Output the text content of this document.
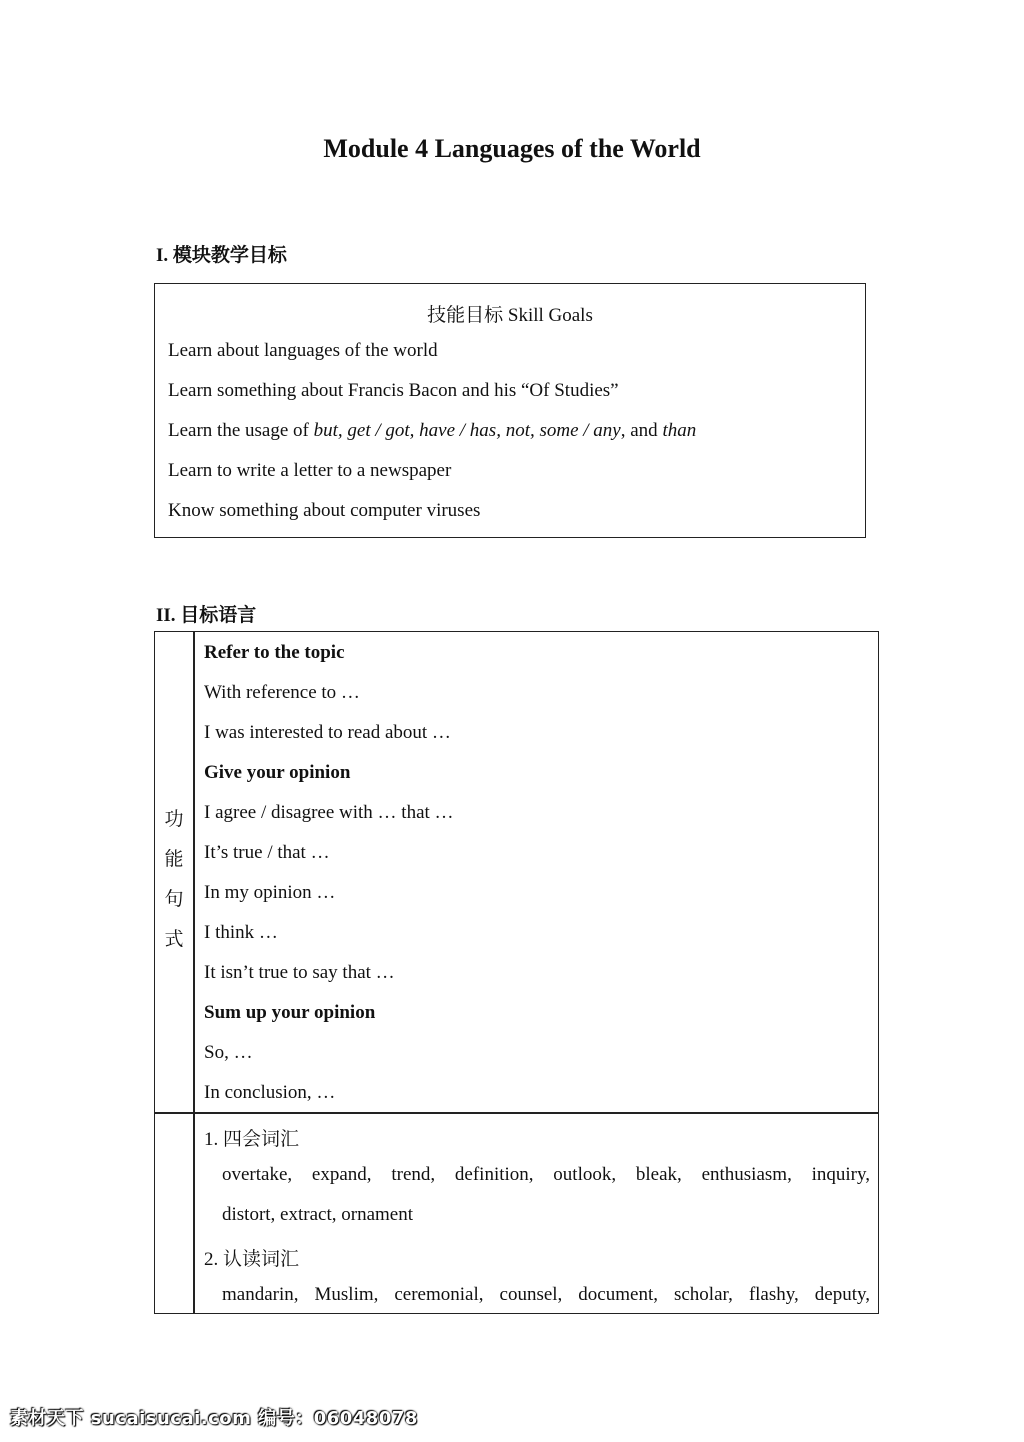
Module 4 Languages of the World
I. 模块教学目标
技能目标 Skill Goals
Learn about languages of the world
Learn something about Francis Bacon and his “Of Studies”
Learn the usage of but, get / got, have / has, not, some / any, and than
Learn to write a letter to a newspaper
Know something about computer viruses
II. 目标语言
功
能
句
式
Refer to the topic
With reference to …
I was interested to read about …
Give your opinion
I agree / disagree with … that …
It’s true / that …
In my opinion …
I think …
It isn’t true to say that …
Sum up your opinion
So, …
In conclusion, …
1. 四会词汇
overtake, expand, trend, definition, outlook, bleak, enthusiasm, inquiry,
distort, extract, ornament
2. 认读词汇
mandarin, Muslim, ceremonial, counsel, document, scholar, flashy, deputy,
素材天下 sucaisucai.com 编号：06048078
